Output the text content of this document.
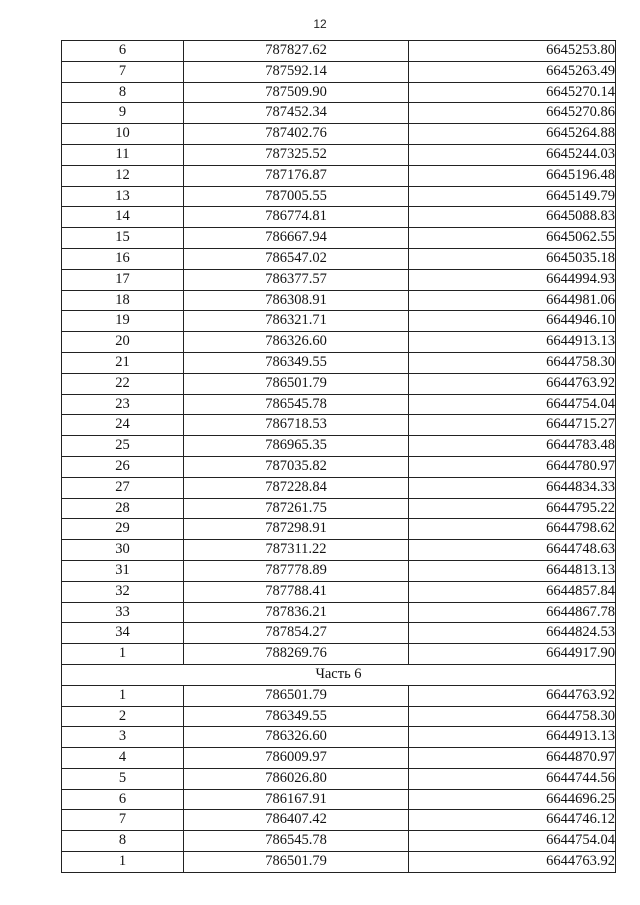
12
6	787827.62	6645253.80
7	787592.14	6645263.49
8	787509.90	6645270.14
9	787452.34	6645270.86
10	787402.76	6645264.88
11	787325.52	6645244.03
12	787176.87	6645196.48
13	787005.55	6645149.79
14	786774.81	6645088.83
15	786667.94	6645062.55
16	786547.02	6645035.18
17	786377.57	6644994.93
18	786308.91	6644981.06
19	786321.71	6644946.10
20	786326.60	6644913.13
21	786349.55	6644758.30
22	786501.79	6644763.92
23	786545.78	6644754.04
24	786718.53	6644715.27
25	786965.35	6644783.48
26	787035.82	6644780.97
27	787228.84	6644834.33
28	787261.75	6644795.22
29	787298.91	6644798.62
30	787311.22	6644748.63
31	787778.89	6644813.13
32	787788.41	6644857.84
33	787836.21	6644867.78
34	787854.27	6644824.53
1	788269.76	6644917.90
Часть 6		
1	786501.79	6644763.92
2	786349.55	6644758.30
3	786326.60	6644913.13
4	786009.97	6644870.97
5	786026.80	6644744.56
6	786167.91	6644696.25
7	786407.42	6644746.12
8	786545.78	6644754.04
1	786501.79	6644763.92
